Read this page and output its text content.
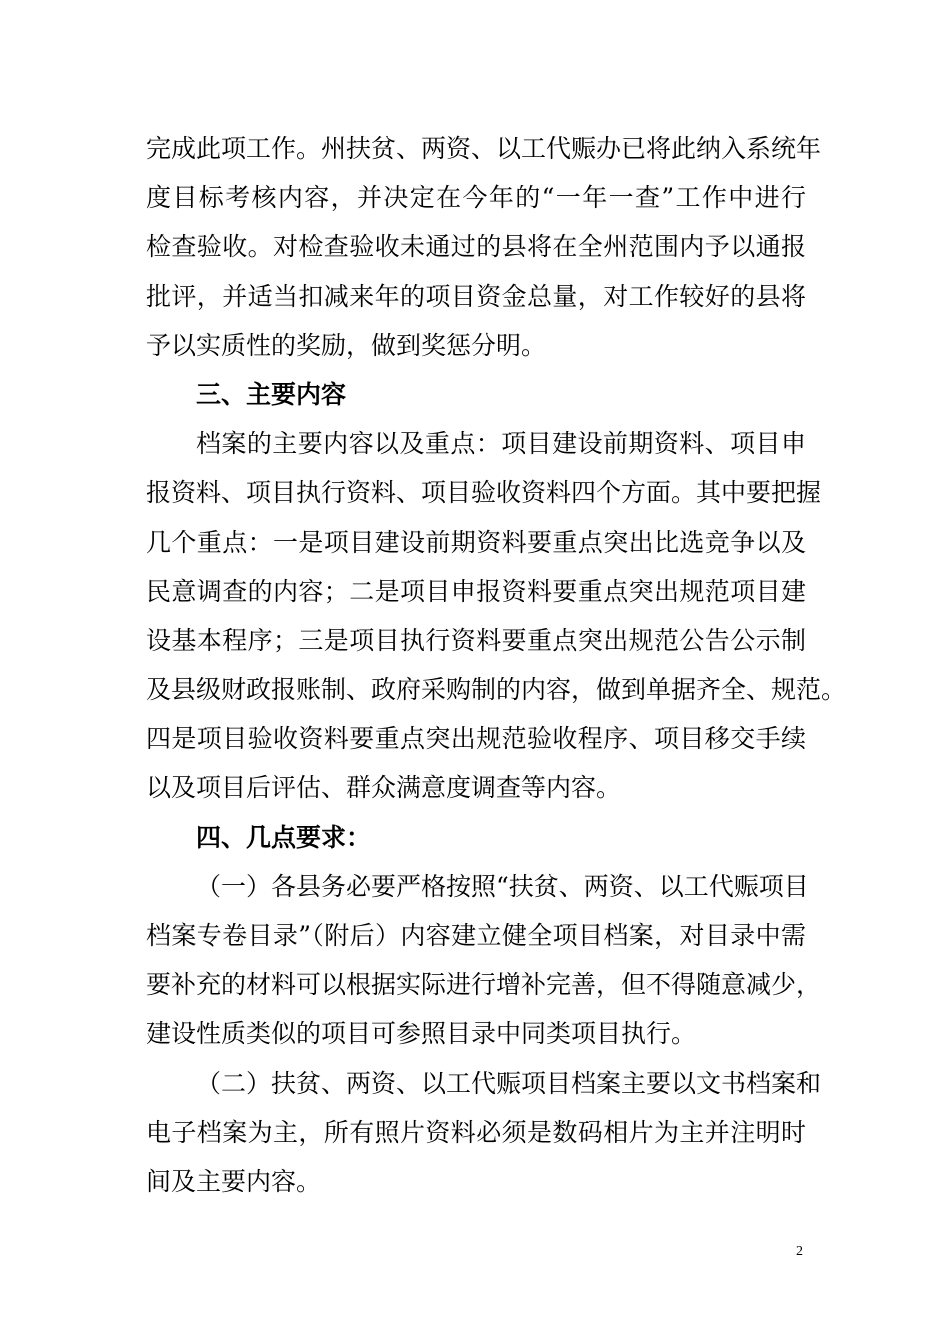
完成此项工作。州扶贫、两资、以工代赈办已将此纳入系统年
度目标考核内容，并决定在今年的“一年一查”工作中进行
检查验收。对检查验收未通过的县将在全州范围内予以通报
批评，并适当扣减来年的项目资金总量，对工作较好的县将
予以实质性的奖励，做到奖惩分明。
三、主要内容
档案的主要内容以及重点：项目建设前期资料、项目申
报资料、项目执行资料、项目验收资料四个方面。其中要把握
几个重点：一是项目建设前期资料要重点突出比选竞争以及
民意调查的内容；二是项目申报资料要重点突出规范项目建
设基本程序；三是项目执行资料要重点突出规范公告公示制
及县级财政报账制、政府采购制的内容，做到单据齐全、规范。
四是项目验收资料要重点突出规范验收程序、项目移交手续
以及项目后评估、群众满意度调查等内容。
四、几点要求：
（一）各县务必要严格按照“扶贫、两资、以工代赈项目
档案专卷目录”（附后）内容建立健全项目档案，对目录中需
要补充的材料可以根据实际进行增补完善，但不得随意减少，
建设性质类似的项目可参照目录中同类项目执行。
（二）扶贫、两资、以工代赈项目档案主要以文书档案和
电子档案为主，所有照片资料必须是数码相片为主并注明时
间及主要内容。
2
